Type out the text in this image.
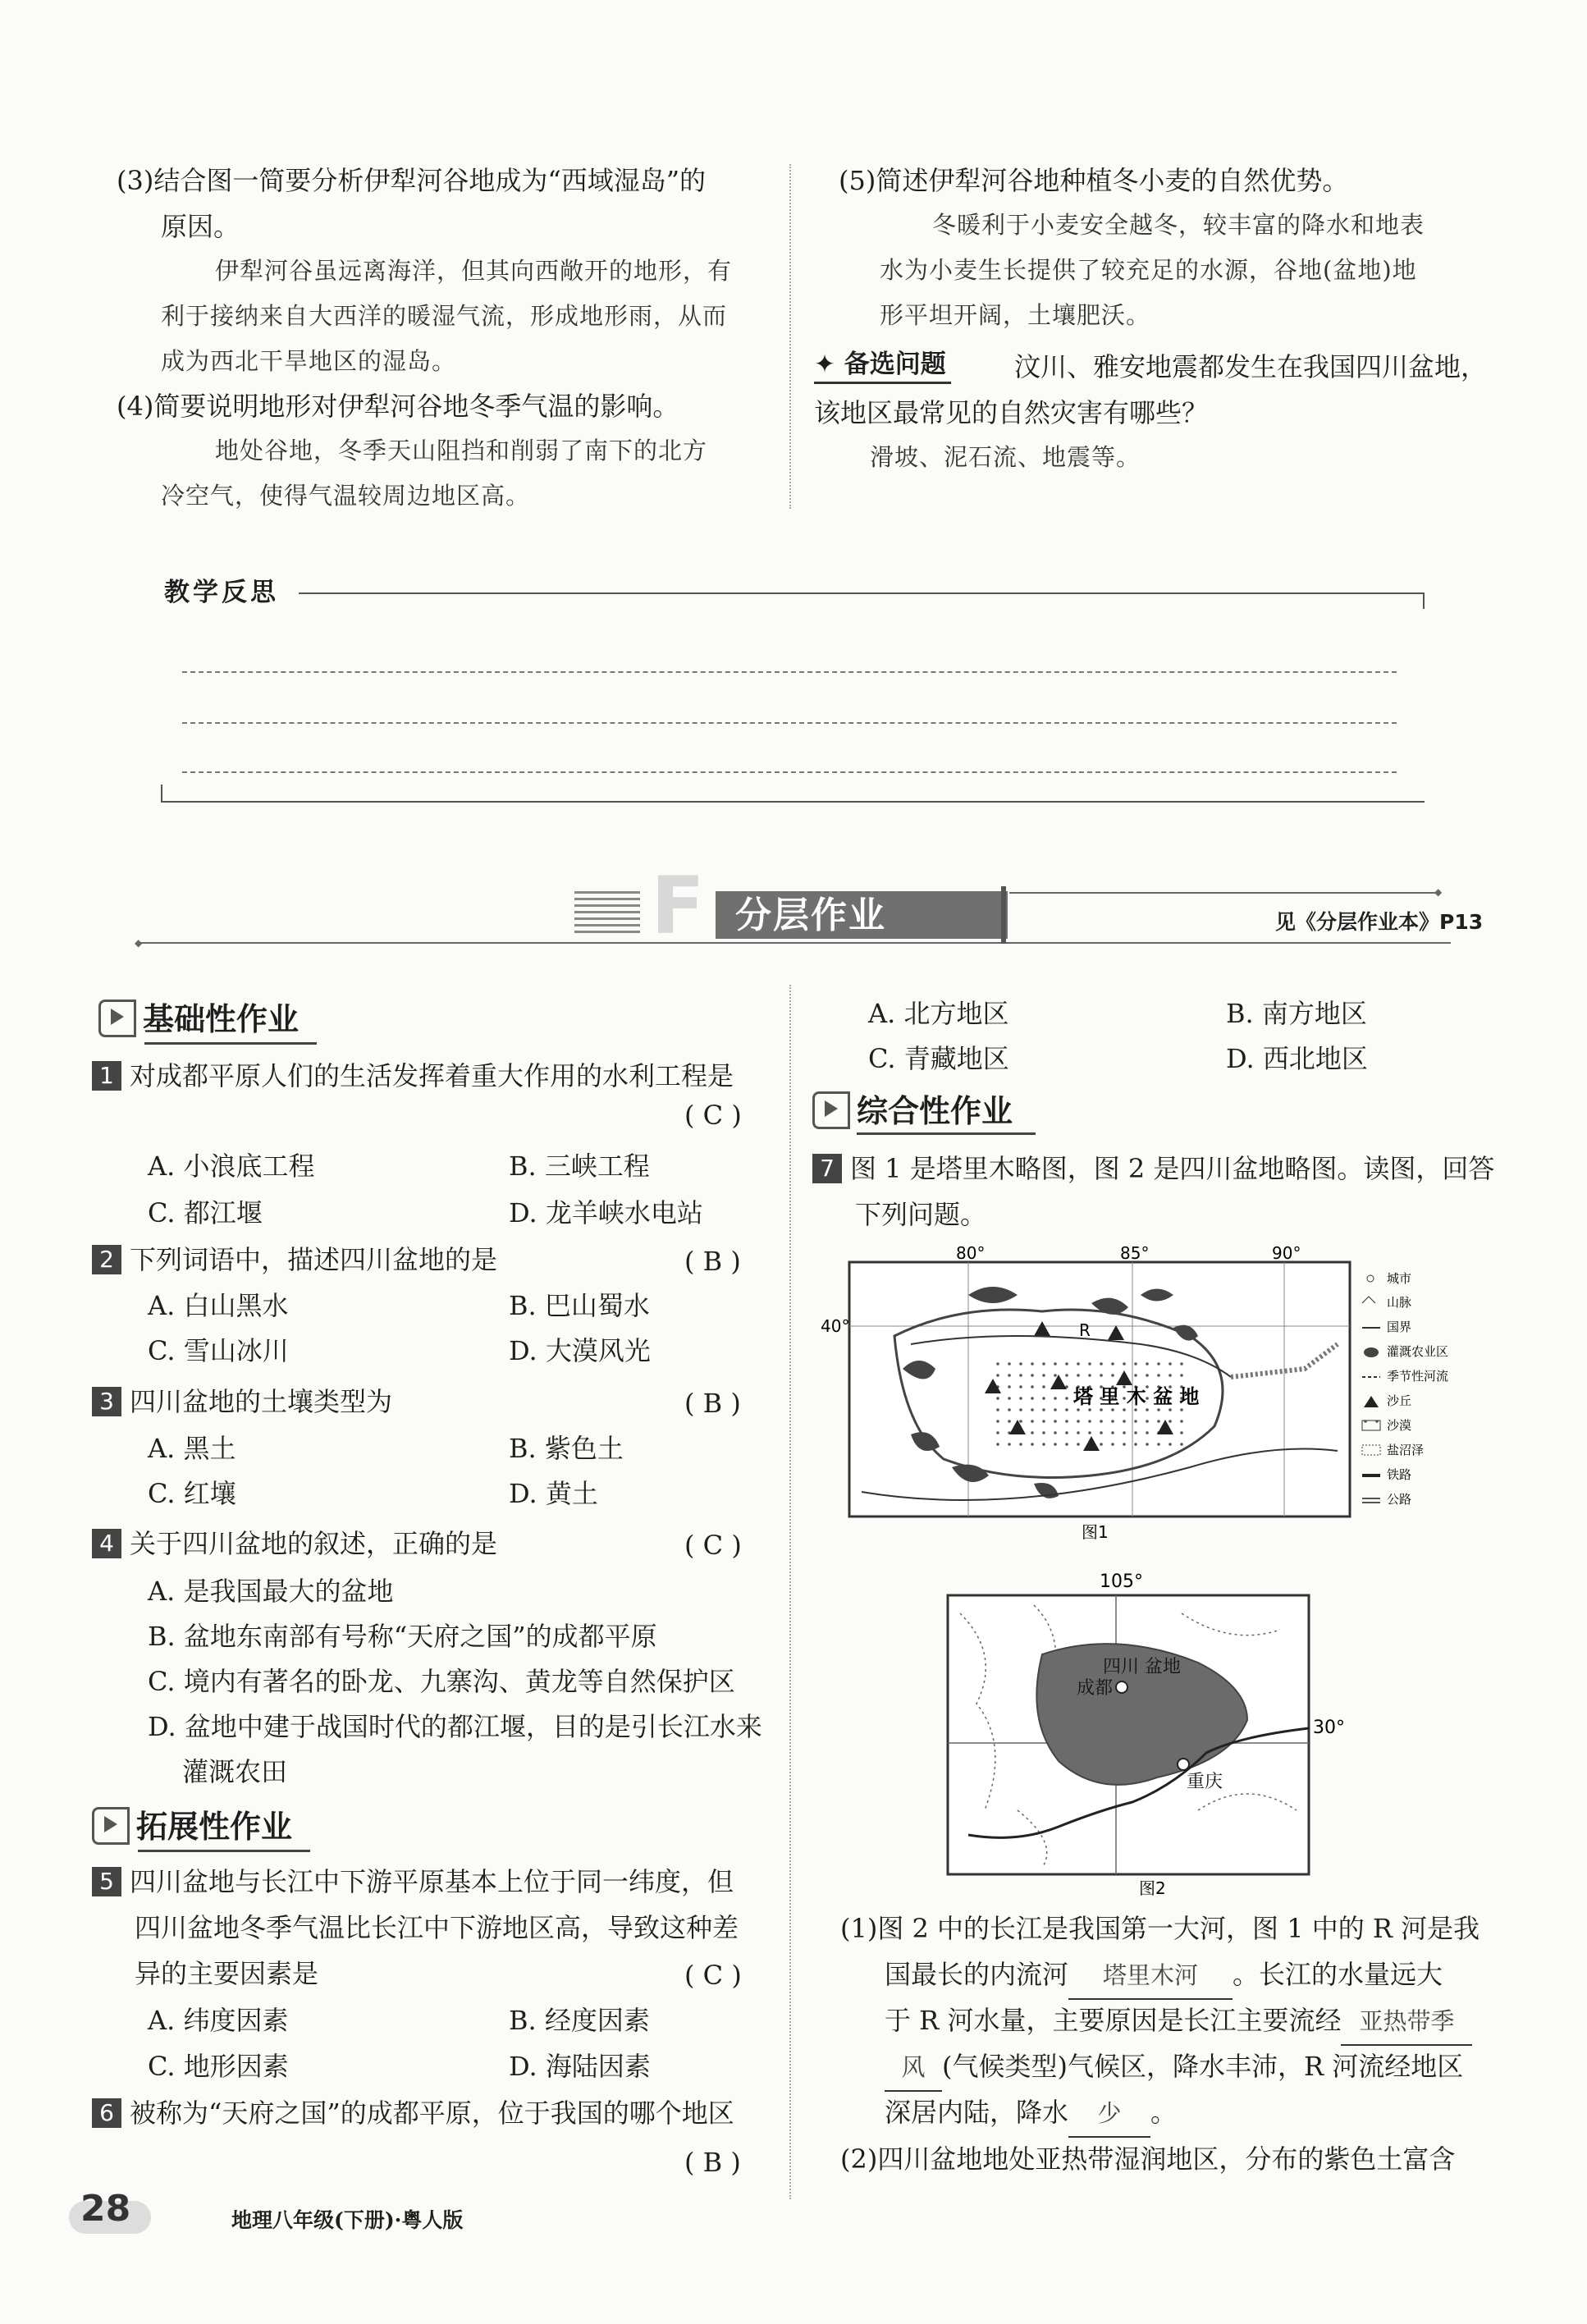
(3)结合图一简要分析伊犁河谷地成为“西域湿岛”的
原因。
伊犁河谷虽远离海洋，但其向西敞开的地形，有
利于接纳来自大西洋的暖湿气流，形成地形雨，从而
成为西北干旱地区的湿岛。
(4)简要说明地形对伊犁河谷地冬季气温的影响。
地处谷地，冬季天山阻挡和削弱了南下的北方
冷空气，使得气温较周边地区高。
(5)简述伊犁河谷地种植冬小麦的自然优势。
冬暖利于小麦安全越冬，较丰富的降水和地表
水为小麦生长提供了较充足的水源，谷地(盆地)地
形平坦开阔，土壤肥沃。
✦ 备选问题	汶川、雅安地震都发生在我国四川盆地，
该地区最常见的自然灾害有哪些？
滑坡、泥石流、地震等。
教学反思
◆
◆
F 分层作业	见《分层作业本》P13
基础性作业
1 对成都平原人们的生活发挥着重大作用的水利工程是
( C )
A. 小浪底工程	B. 三峡工程
C. 都江堰	D. 龙羊峡水电站
2 下列词语中，描述四川盆地的是	( B )
A. 白山黑水	B. 巴山蜀水
C. 雪山冰川	D. 大漠风光
3 四川盆地的土壤类型为	( B )
A. 黑土	B. 紫色土
C. 红壤	D. 黄土
4 关于四川盆地的叙述，正确的是	( C )
A. 是我国最大的盆地
B. 盆地东南部有号称“天府之国”的成都平原
C. 境内有著名的卧龙、九寨沟、黄龙等自然保护区
D. 盆地中建于战国时代的都江堰，目的是引长江水来
灌溉农田
拓展性作业
5 四川盆地与长江中下游平原基本上位于同一纬度，但
四川盆地冬季气温比长江中下游地区高，导致这种差
异的主要因素是	( C )
A. 纬度因素	B. 经度因素
C. 地形因素	D. 海陆因素
6 被称为“天府之国”的成都平原，位于我国的哪个地区
( B )
A. 北方地区	B. 南方地区
C. 青藏地区	D. 西北地区
综合性作业
7 图 1 是塔里木略图，图 2 是四川盆地略图。读图，回答
下列问题。
塔 里 木 盆 地
R
80°	85°	90°
40°
图1
城市
山脉
国界
灌溉农业区
季节性河流
沙丘
沙漠
盐沼泽
铁路
公路
四川 盆地
成都
重庆
105°
30°
图2
(1)图 2 中的长江是我国第一大河，图 1 中的 R 河是我
国最长的内流河 塔里木河 。长江的水量远大
于 R 河水量，主要原因是长江主要流经 亚热带季
风 (气候类型)气候区，降水丰沛，R 河流经地区
深居内陆，降水 少 。
(2)四川盆地地处亚热带湿润地区，分布的紫色土富含
28	地理八年级(下册)·粤人版
